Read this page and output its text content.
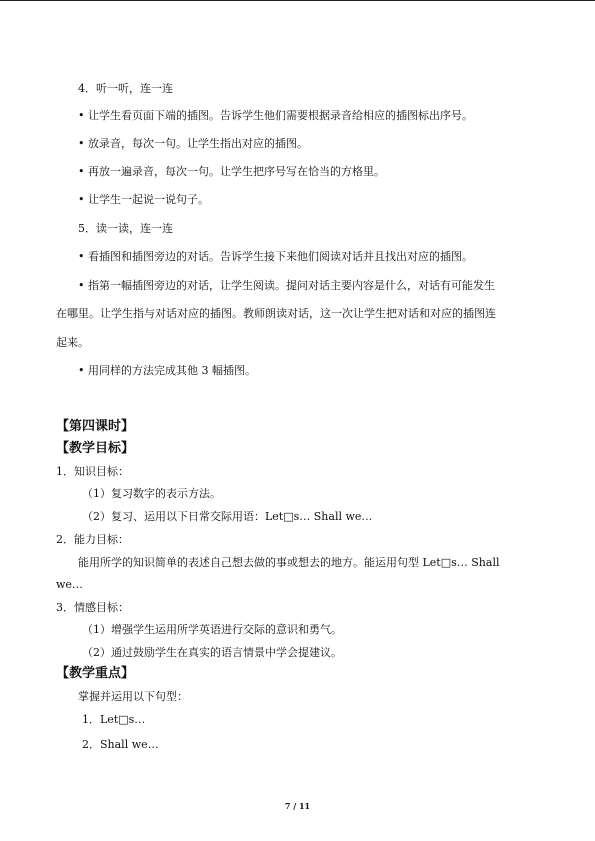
4．听一听，连一连
• 让学生看页面下端的插图。告诉学生他们需要根据录音给相应的插图标出序号。
• 放录音，每次一句。让学生指出对应的插图。
• 再放一遍录音，每次一句。让学生把序号写在恰当的方格里。
• 让学生一起说一说句子。
5．读一读，连一连
• 看插图和插图旁边的对话。告诉学生接下来他们阅读对话并且找出对应的插图。
• 指第一幅插图旁边的对话，让学生阅读。提问对话主要内容是什么，对话有可能发生
在哪里。让学生指与对话对应的插图。教师朗读对话，这一次让学生把对话和对应的插图连
起来。
• 用同样的方法完成其他 3 幅插图。
【第四课时】
【教学目标】
1．知识目标：
（1）复习数字的表示方法。
（2）复习、运用以下日常交际用语：Let□s… Shall we…
2．能力目标：
能用所学的知识简单的表述自己想去做的事或想去的地方。能运用句型 Let□s… Shall
we…
3．情感目标：
（1）增强学生运用所学英语进行交际的意识和勇气。
（2）通过鼓励学生在真实的语言情景中学会提建议。
【教学重点】
掌握并运用以下句型：
1．Let□s…
2．Shall we…
7 / 11
